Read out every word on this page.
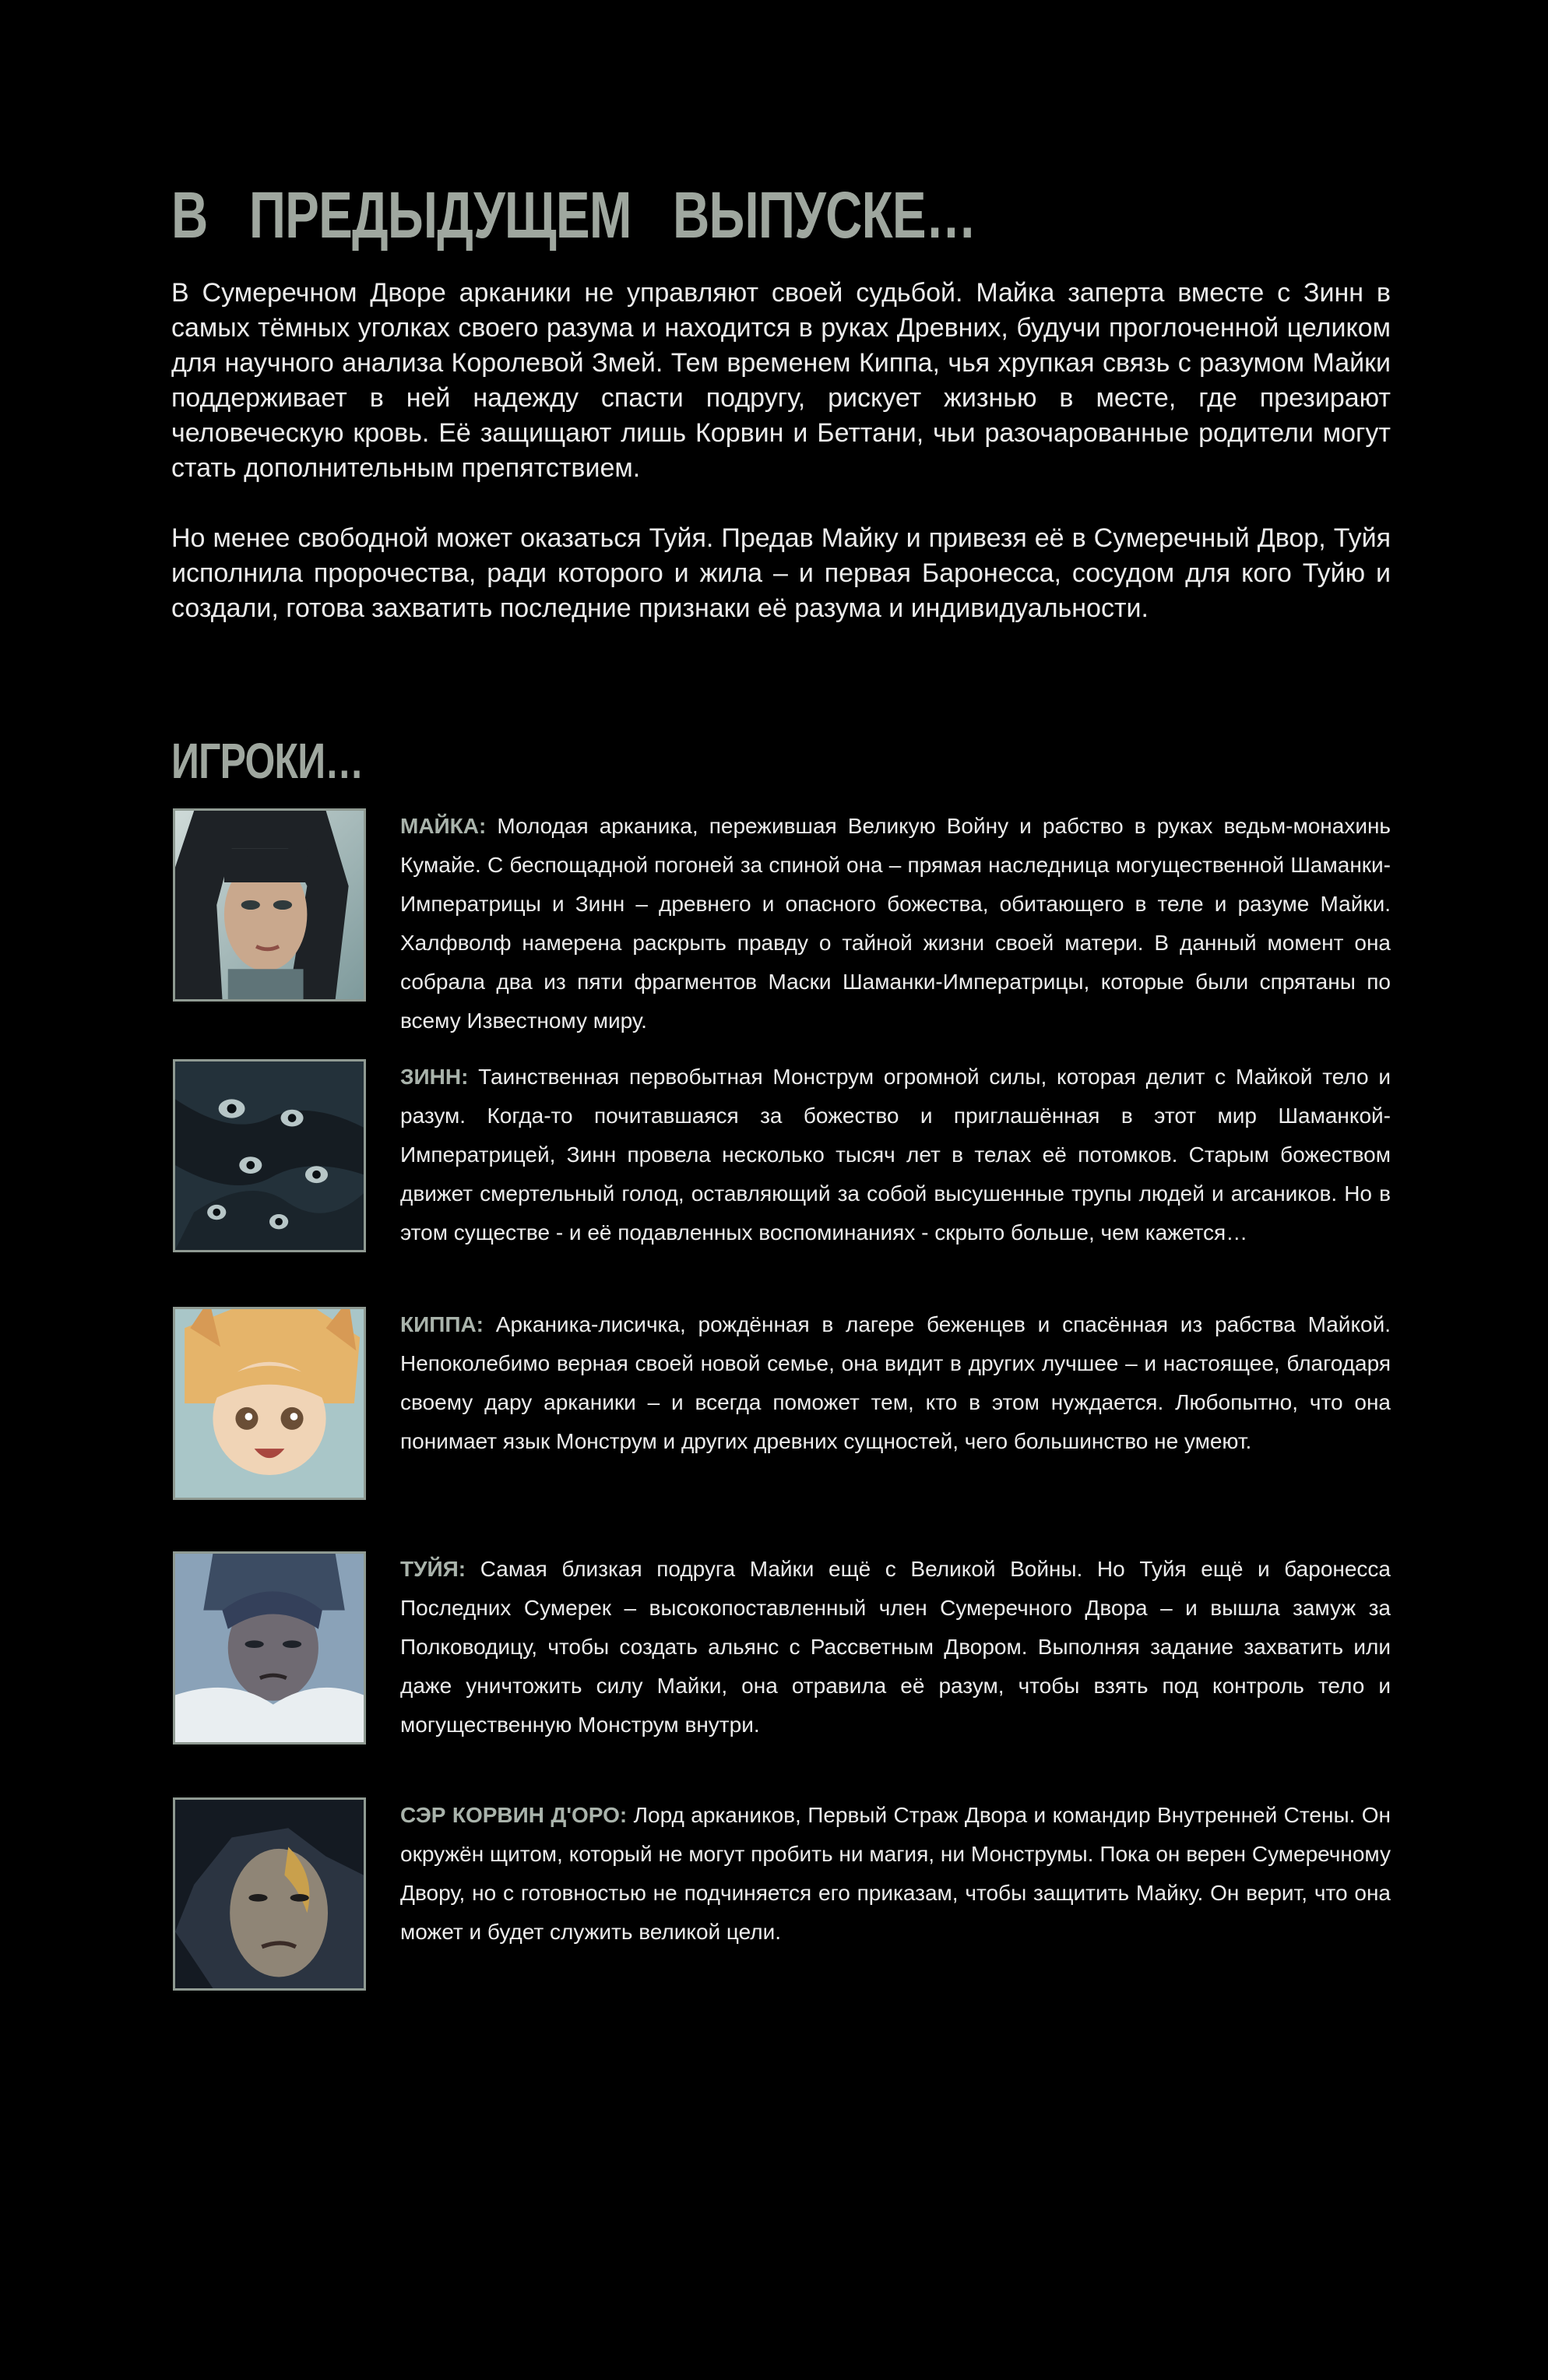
В ПРЕДЫДУЩЕМ ВЫПУСКЕ…

В Сумеречном Дворе арканики не управляют своей судьбой. Майка заперта вместе с Зинн в самых тёмных уголках своего разума и находится в руках Древних, будучи проглоченной целиком для научного анализа Королевой Змей. Тем временем Киппа, чья хрупкая связь с разумом Майки поддерживает в ней надежду спасти подругу, рискует жизнью в месте, где презирают человеческую кровь. Её защищают лишь Корвин и Беттани, чьи разочарованные родители могут стать дополнительным препятствием.

Но менее свободной может оказаться Туйя. Предав Майку и привезя её в Сумеречный Двор, Туйя исполнила пророчества, ради которого и жила – и первая Баронесса, сосудом для кого Туйю и создали, готова захватить последние признаки её разума и индивидуальности.

ИГРОКИ…
МАЙКА: Молодая арканика, пережившая Великую Войну и рабство в руках ведьм-монахинь Кумайе. С беспощадной погоней за спиной она – прямая наследница могущественной Шаманки-Императрицы и Зинн – древнего и опасного божества, обитающего в теле и разуме Майки. Халфволф намерена раскрыть правду о тайной жизни своей матери. В данный момент она собрала два из пяти фрагментов Маски Шаманки-Императрицы, которые были спрятаны по всему Известному миру.
ЗИНН: Таинственная первобытная Монструм огромной силы, которая делит с Майкой тело и разум. Когда-то почитавшаяся за божество и приглашённая в этот мир Шаманкой-Императрицей, Зинн провела несколько тысяч лет в телах её потомков. Старым божеством движет смертельный голод, оставляющий за собой высушенные трупы людей и arcaников. Но в этом существе - и её подавленных воспоминаниях - скрыто больше, чем кажется…
КИППА: Арканика-лисичка, рождённая в лагере беженцев и спасённая из рабства Майкой. Непоколебимо верная своей новой семье, она видит в других лучшее – и настоящее, благодаря своему дару арканики – и всегда поможет тем, кто в этом нуждается. Любопытно, что она понимает язык Монструм и других древних сущностей, чего большинство не умеют.
ТУЙЯ: Самая близкая подруга Майки ещё с Великой Войны. Но Туйя ещё и баронесса Последних Сумерек – высокопоставленный член Сумеречного Двора – и вышла замуж за Полководицу, чтобы создать альянс с Рассветным Двором. Выполняя задание захватить или даже уничтожить силу Майки, она отравила её разум, чтобы взять под контроль тело и могущественную Монструм внутри.
СЭР КОРВИН Д'ОРО: Лорд аркаников, Первый Страж Двора и командир Внутренней Стены. Он окружён щитом, который не могут пробить ни магия, ни Монструмы. Пока он верен Сумеречному Двору, но с готовностью не подчиняется его приказам, чтобы защитить Майку. Он верит, что она может и будет служить великой цели.
